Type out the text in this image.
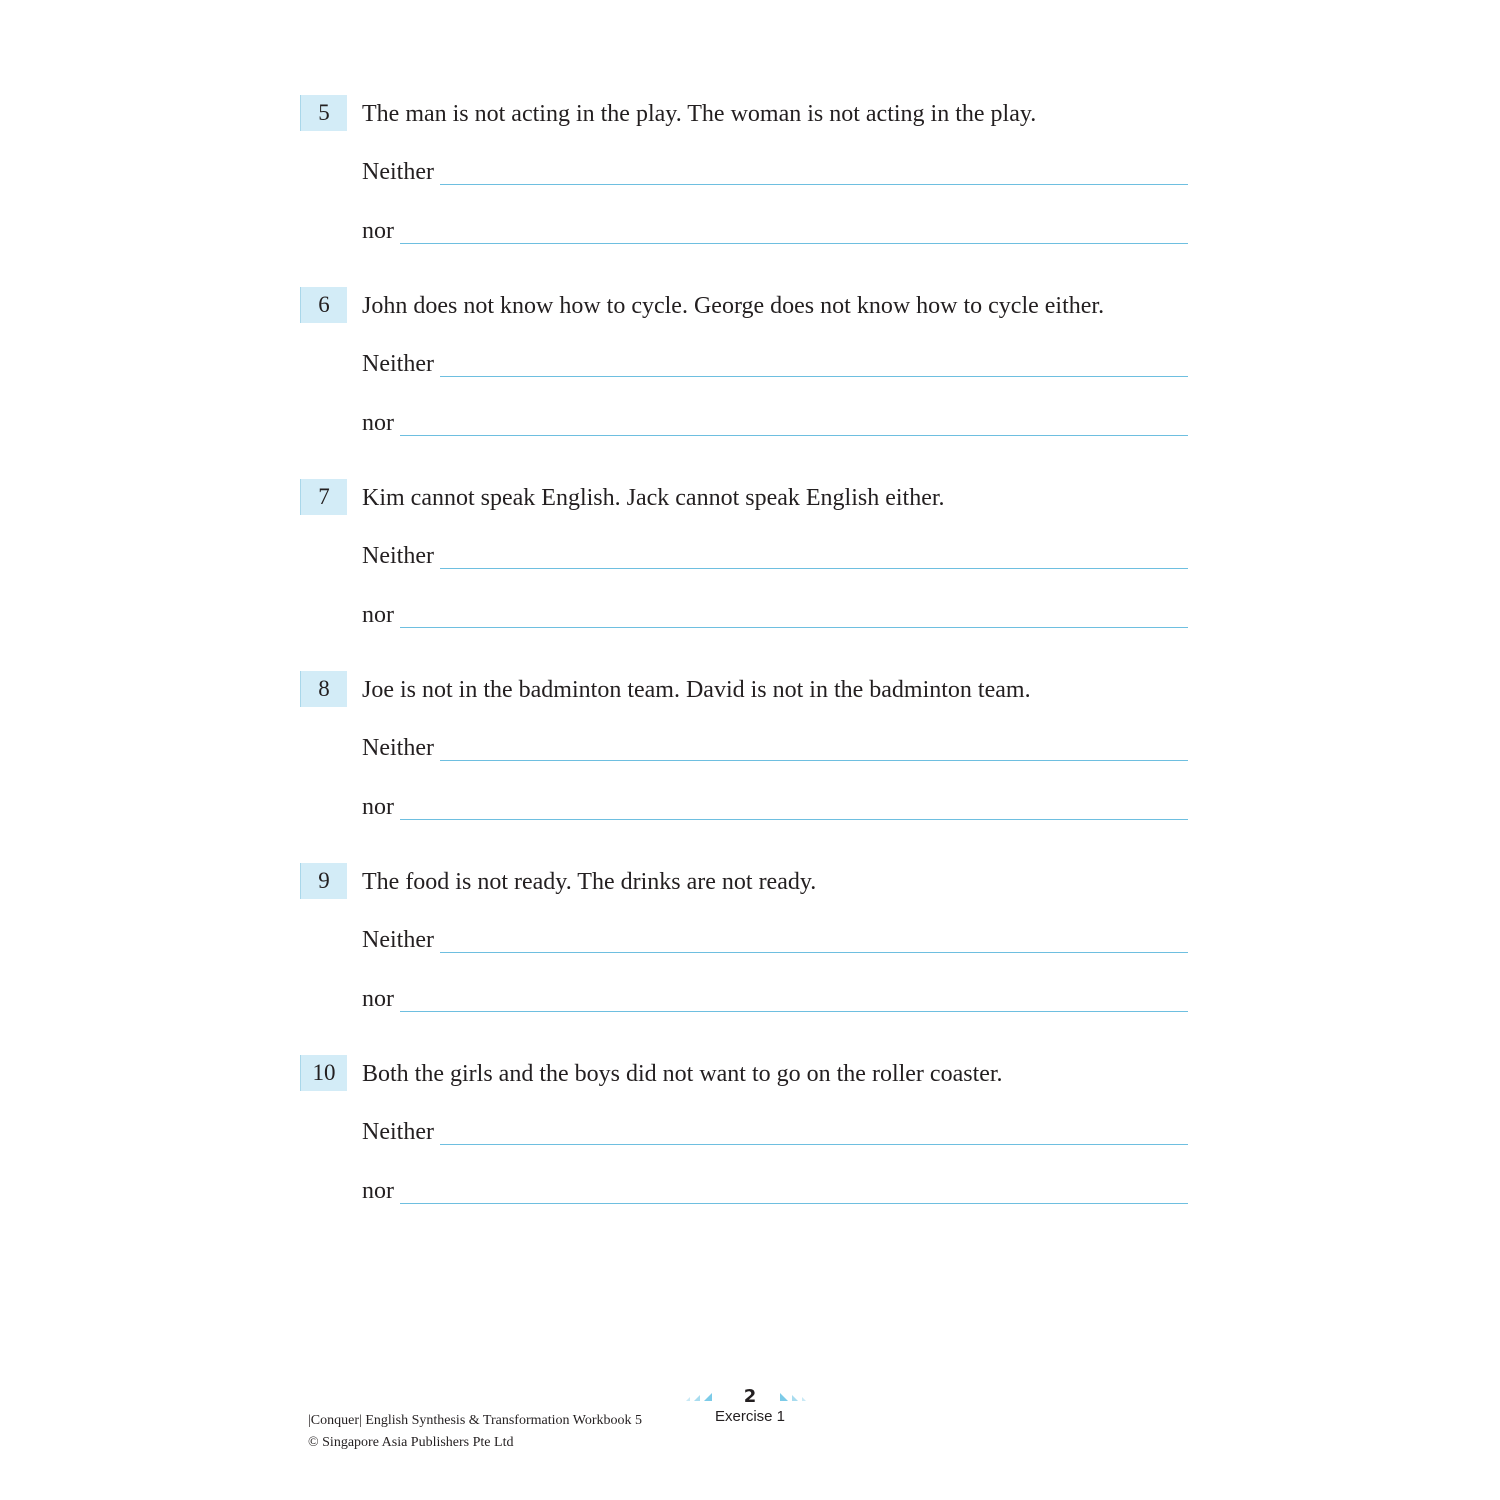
5	The man is not acting in the play. The woman is not acting in the play.
Neither
nor
6	John does not know how to cycle. George does not know how to cycle either.
Neither
nor
7	Kim cannot speak English. Jack cannot speak English either.
Neither
nor
8	Joe is not in the badminton team. David is not in the badminton team.
Neither
nor
9	The food is not ready. The drinks are not ready.
Neither
nor
10	Both the girls and the boys did not want to go on the roller coaster.
Neither
nor
|Conquer| English Synthesis & Transformation Workbook 5
© Singapore Asia Publishers Pte Ltd
2
Exercise 1
